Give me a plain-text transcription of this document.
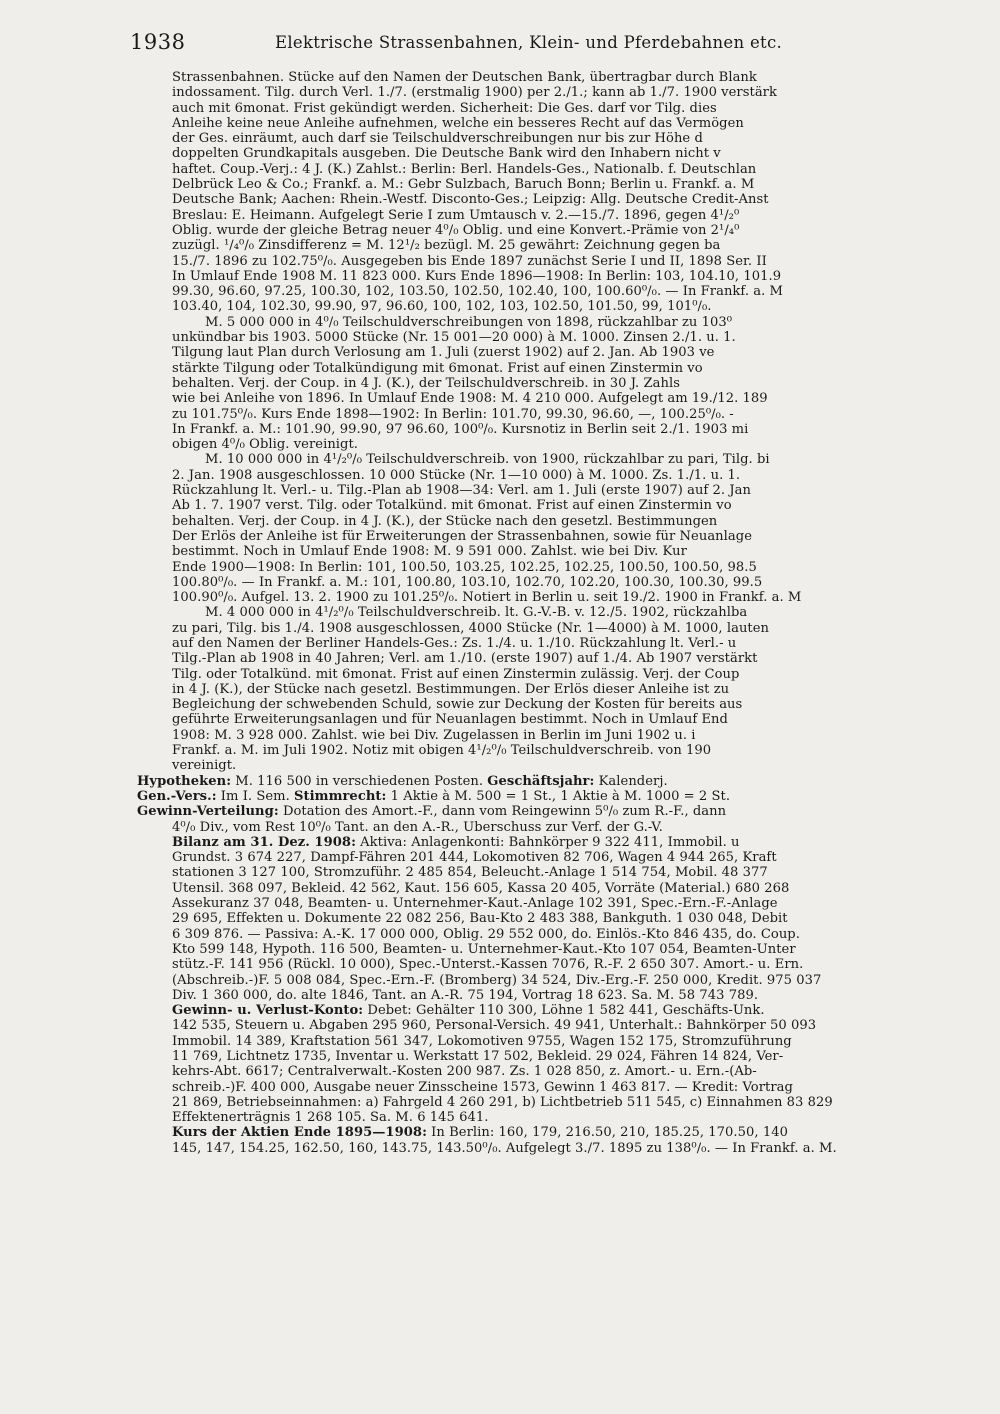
1938	Elektrische Strassenbahnen, Klein- und Pferdebahnen etc.
Strassenbahnen. Stücke auf den Namen der Deutschen Bank, übertragbar durch Blank
indossament. Tilg. durch Verl. 1./7. (erstmalig 1900) per 2./1.; kann ab 1./7. 1900 verstärk
auch mit 6monat. Frist gekündigt werden. Sicherheit: Die Ges. darf vor Tilg. dies
Anleihe keine neue Anleihe aufnehmen, welche ein besseres Recht auf das Vermögen
der Ges. einräumt, auch darf sie Teilschuldverschreibungen nur bis zur Höhe d
doppelten Grundkapitals ausgeben. Die Deutsche Bank wird den Inhabern nicht v
haftet. Coup.-Verj.: 4 J. (K.) Zahlst.: Berlin: Berl. Handels-Ges., Nationalb. f. Deutschlan
Delbrück Leo & Co.; Frankf. a. M.: Gebr Sulzbach, Baruch Bonn; Berlin u. Frankf. a. M
Deutsche Bank; Aachen: Rhein.-Westf. Disconto-Ges.; Leipzig: Allg. Deutsche Credit-Anst
Breslau: E. Heimann. Aufgelegt Serie I zum Umtausch v. 2.—15./7. 1896, gegen 4¹/₂⁰
Oblig. wurde der gleiche Betrag neuer 4⁰/₀ Oblig. und eine Konvert.-Prämie von 2¹/₄⁰
zuzügl. ¹/₄⁰/₀ Zinsdifferenz = M. 12¹/₂ bezügl. M. 25 gewährt: Zeichnung gegen ba
15./7. 1896 zu 102.75⁰/₀. Ausgegeben bis Ende 1897 zunächst Serie I und II, 1898 Ser. II
In Umlauf Ende 1908 M. 11 823 000. Kurs Ende 1896—1908: In Berlin: 103, 104.10, 101.9
99.30, 96.60, 97.25, 100.30, 102, 103.50, 102.50, 102.40, 100, 100.60⁰/₀. — In Frankf. a. M
103.40, 104, 102.30, 99.90, 97, 96.60, 100, 102, 103, 102.50, 101.50, 99, 101⁰/₀.
M. 5 000 000 in 4⁰/₀ Teilschuldverschreibungen von 1898, rückzahlbar zu 103⁰
unkündbar bis 1903. 5000 Stücke (Nr. 15 001—20 000) à M. 1000. Zinsen 2./1. u. 1.
Tilgung laut Plan durch Verlosung am 1. Juli (zuerst 1902) auf 2. Jan. Ab 1903 ve
stärkte Tilgung oder Totalkündigung mit 6monat. Frist auf einen Zinstermin vo
behalten. Verj. der Coup. in 4 J. (K.), der Teilschuldverschreib. in 30 J. Zahls
wie bei Anleihe von 1896. In Umlauf Ende 1908: M. 4 210 000. Aufgelegt am 19./12. 189
zu 101.75⁰/₀. Kurs Ende 1898—1902: In Berlin: 101.70, 99.30, 96.60, —, 100.25⁰/₀. -
In Frankf. a. M.: 101.90, 99.90, 97 96.60, 100⁰/₀. Kursnotiz in Berlin seit 2./1. 1903 mi
obigen 4⁰/₀ Oblig. vereinigt.
M. 10 000 000 in 4¹/₂⁰/₀ Teilschuldverschreib. von 1900, rückzahlbar zu pari, Tilg. bi
2. Jan. 1908 ausgeschlossen. 10 000 Stücke (Nr. 1—10 000) à M. 1000. Zs. 1./1. u. 1.
Rückzahlung lt. Verl.- u. Tilg.-Plan ab 1908—34: Verl. am 1. Juli (erste 1907) auf 2. Jan
Ab 1. 7. 1907 verst. Tilg. oder Totalkünd. mit 6monat. Frist auf einen Zinstermin vo
behalten. Verj. der Coup. in 4 J. (K.), der Stücke nach den gesetzl. Bestimmungen
Der Erlös der Anleihe ist für Erweiterungen der Strassenbahnen, sowie für Neuanlage
bestimmt. Noch in Umlauf Ende 1908: M. 9 591 000. Zahlst. wie bei Div. Kur
Ende 1900—1908: In Berlin: 101, 100.50, 103.25, 102.25, 102.25, 100.50, 100.50, 98.5
100.80⁰/₀. — In Frankf. a. M.: 101, 100.80, 103.10, 102.70, 102.20, 100.30, 100.30, 99.5
100.90⁰/₀. Aufgel. 13. 2. 1900 zu 101.25⁰/₀. Notiert in Berlin u. seit 19./2. 1900 in Frankf. a. M
M. 4 000 000 in 4¹/₂⁰/₀ Teilschuldverschreib. lt. G.-V.-B. v. 12./5. 1902, rückzahlba
zu pari, Tilg. bis 1./4. 1908 ausgeschlossen, 4000 Stücke (Nr. 1—4000) à M. 1000, lauten
auf den Namen der Berliner Handels-Ges.: Zs. 1./4. u. 1./10. Rückzahlung lt. Verl.- u
Tilg.-Plan ab 1908 in 40 Jahren; Verl. am 1./10. (erste 1907) auf 1./4. Ab 1907 verstärkt
Tilg. oder Totalkünd. mit 6monat. Frist auf einen Zinstermin zulässig. Verj. der Coup
in 4 J. (K.), der Stücke nach gesetzl. Bestimmungen. Der Erlös dieser Anleihe ist zu
Begleichung der schwebenden Schuld, sowie zur Deckung der Kosten für bereits aus
geführte Erweiterungsanlagen und für Neuanlagen bestimmt. Noch in Umlauf End
1908: M. 3 928 000. Zahlst. wie bei Div. Zugelassen in Berlin im Juni 1902 u. i
Frankf. a. M. im Juli 1902. Notiz mit obigen 4¹/₂⁰/₀ Teilschuldverschreib. von 190
vereinigt.
Hypotheken: M. 116 500 in verschiedenen Posten. Geschäftsjahr: Kalenderj.
Gen.-Vers.: Im I. Sem. Stimmrecht: 1 Aktie à M. 500 = 1 St., 1 Aktie à M. 1000 = 2 St.
Gewinn-Verteilung: Dotation des Amort.-F., dann vom Reingewinn 5⁰/₀ zum R.-F., dann
4⁰/₀ Div., vom Rest 10⁰/₀ Tant. an den A.-R., Überschuss zur Verf. der G.-V.
Bilanz am 31. Dez. 1908: Aktiva: Anlagenkonti: Bahnkörper 9 322 411, Immobil. u
Grundst. 3 674 227, Dampf-Fähren 201 444, Lokomotiven 82 706, Wagen 4 944 265, Kraft
stationen 3 127 100, Stromzuführ. 2 485 854, Beleucht.-Anlage 1 514 754, Mobil. 48 377
Utensil. 368 097, Bekleid. 42 562, Kaut. 156 605, Kassa 20 405, Vorräte (Material.) 680 268
Assekuranz 37 048, Beamten- u. Unternehmer-Kaut.-Anlage 102 391, Spec.-Ern.-F.-Anlage
29 695, Effekten u. Dokumente 22 082 256, Bau-Kto 2 483 388, Bankguth. 1 030 048, Debit
6 309 876. — Passiva: A.-K. 17 000 000, Oblig. 29 552 000, do. Einlös.-Kto 846 435, do. Coup.
Kto 599 148, Hypoth. 116 500, Beamten- u. Unternehmer-Kaut.-Kto 107 054, Beamten-Unter
stütz.-F. 141 956 (Rückl. 10 000), Spec.-Unterst.-Kassen 7076, R.-F. 2 650 307. Amort.- u. Ern.
(Abschreib.-)F. 5 008 084, Spec.-Ern.-F. (Bromberg) 34 524, Div.-Erg.-F. 250 000, Kredit. 975 037
Div. 1 360 000, do. alte 1846, Tant. an A.-R. 75 194, Vortrag 18 623. Sa. M. 58 743 789.
Gewinn- u. Verlust-Konto: Debet: Gehälter 110 300, Löhne 1 582 441, Geschäfts-Unk.
142 535, Steuern u. Abgaben 295 960, Personal-Versich. 49 941, Unterhalt.: Bahnkörper 50 093
Immobil. 14 389, Kraftstation 561 347, Lokomotiven 9755, Wagen 152 175, Stromzuführung
11 769, Lichtnetz 1735, Inventar u. Werkstatt 17 502, Bekleid. 29 024, Fähren 14 824, Ver-
kehrs-Abt. 6617; Centralverwalt.-Kosten 200 987. Zs. 1 028 850, z. Amort.- u. Ern.-(Ab-
schreib.-)F. 400 000, Ausgabe neuer Zinsscheine 1573, Gewinn 1 463 817. — Kredit: Vortrag
21 869, Betriebseinnahmen: a) Fahrgeld 4 260 291, b) Lichtbetrieb 511 545, c) Einnahmen 83 829
Effektenerträgnis 1 268 105. Sa. M. 6 145 641.
Kurs der Aktien Ende 1895—1908: In Berlin: 160, 179, 216.50, 210, 185.25, 170.50, 140
145, 147, 154.25, 162.50, 160, 143.75, 143.50⁰/₀. Aufgelegt 3./7. 1895 zu 138⁰/₀. — In Frankf. a. M.
